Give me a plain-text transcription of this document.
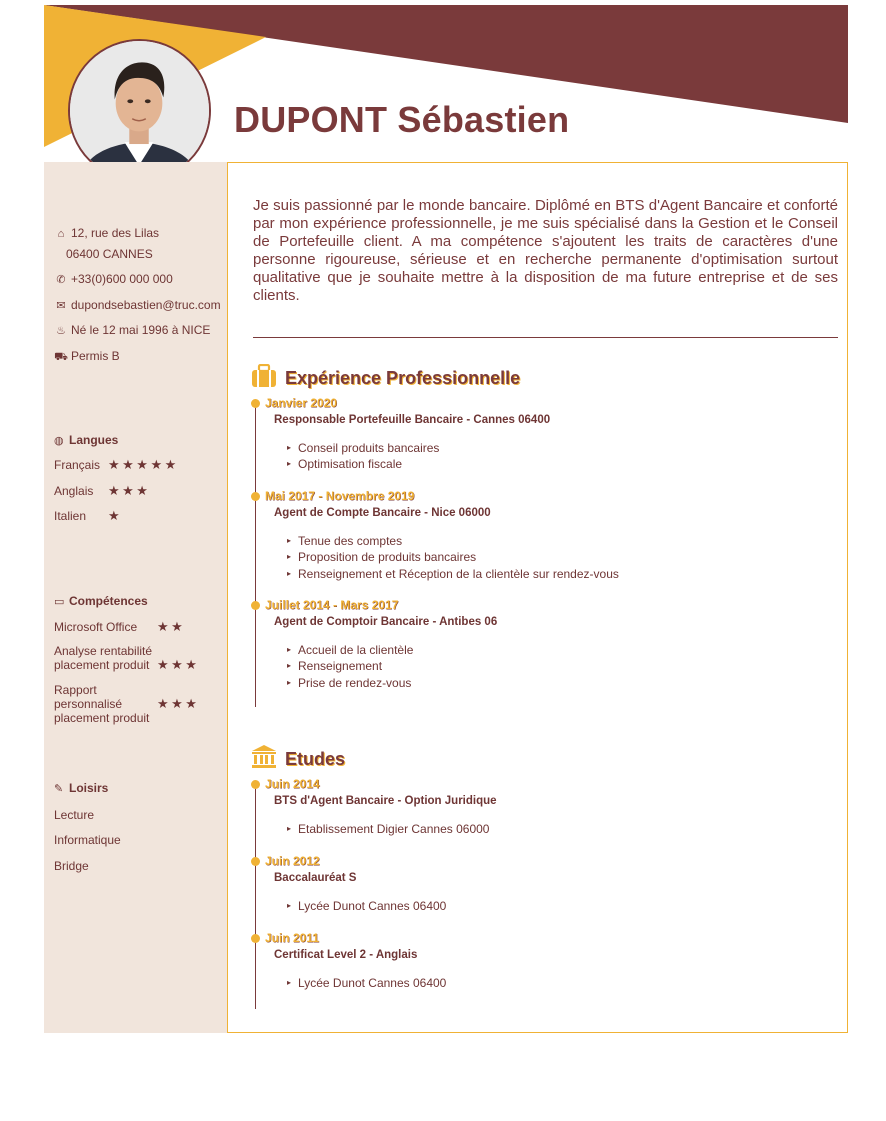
DUPONT Sébastien
⌂ 12, rue des Lilas
06400 CANNES
✆ +33(0)600 000 000
✉ dupondsebastien@truc.com
♨ Né le 12 mai 1996 à NICE
⛟ Permis B
◍ Langues
Français ★★★★★
Anglais ★★★
Italien ★
▭ Compétences
Microsoft Office	★★
Analyse rentabilité
placement produit ★★★
Rapport personnalisé
placement produit
★★★
✎ Loisirs
Lecture
Informatique
Bridge
Je suis passionné par le monde bancaire. Diplômé en BTS d'Agent Bancaire et conforté par mon expérience professionnelle, je me suis spécialisé dans la Gestion et le Conseil de Portefeuille client. A ma compétence s'ajoutent les traits de caractères d'une personne rigoureuse, sérieuse et en recherche permanente d'optimisation surtout qualitative que je souhaite mettre à la disposition de ma future entreprise et de ses clients.
Expérience Professionnelle
Janvier 2020
Responsable Portefeuille Bancaire - Cannes 06400
▸ Conseil produits bancaires
▸ Optimisation fiscale
Mai 2017 - Novembre 2019
Agent de Compte Bancaire - Nice 06000
▸ Tenue des comptes
▸ Proposition de produits bancaires
▸ Renseignement et Réception de la clientèle sur rendez-vous
Juillet 2014 - Mars 2017
Agent de Comptoir Bancaire - Antibes 06
▸ Accueil de la clientèle
▸ Renseignement
▸ Prise de rendez-vous
Etudes
Juin 2014
BTS d'Agent Bancaire - Option Juridique
▸ Etablissement Digier Cannes 06000
Juin 2012
Baccalauréat S
▸ Lycée Dunot Cannes 06400
Juin 2011
Certificat Level 2 - Anglais
▸ Lycée Dunot Cannes 06400
